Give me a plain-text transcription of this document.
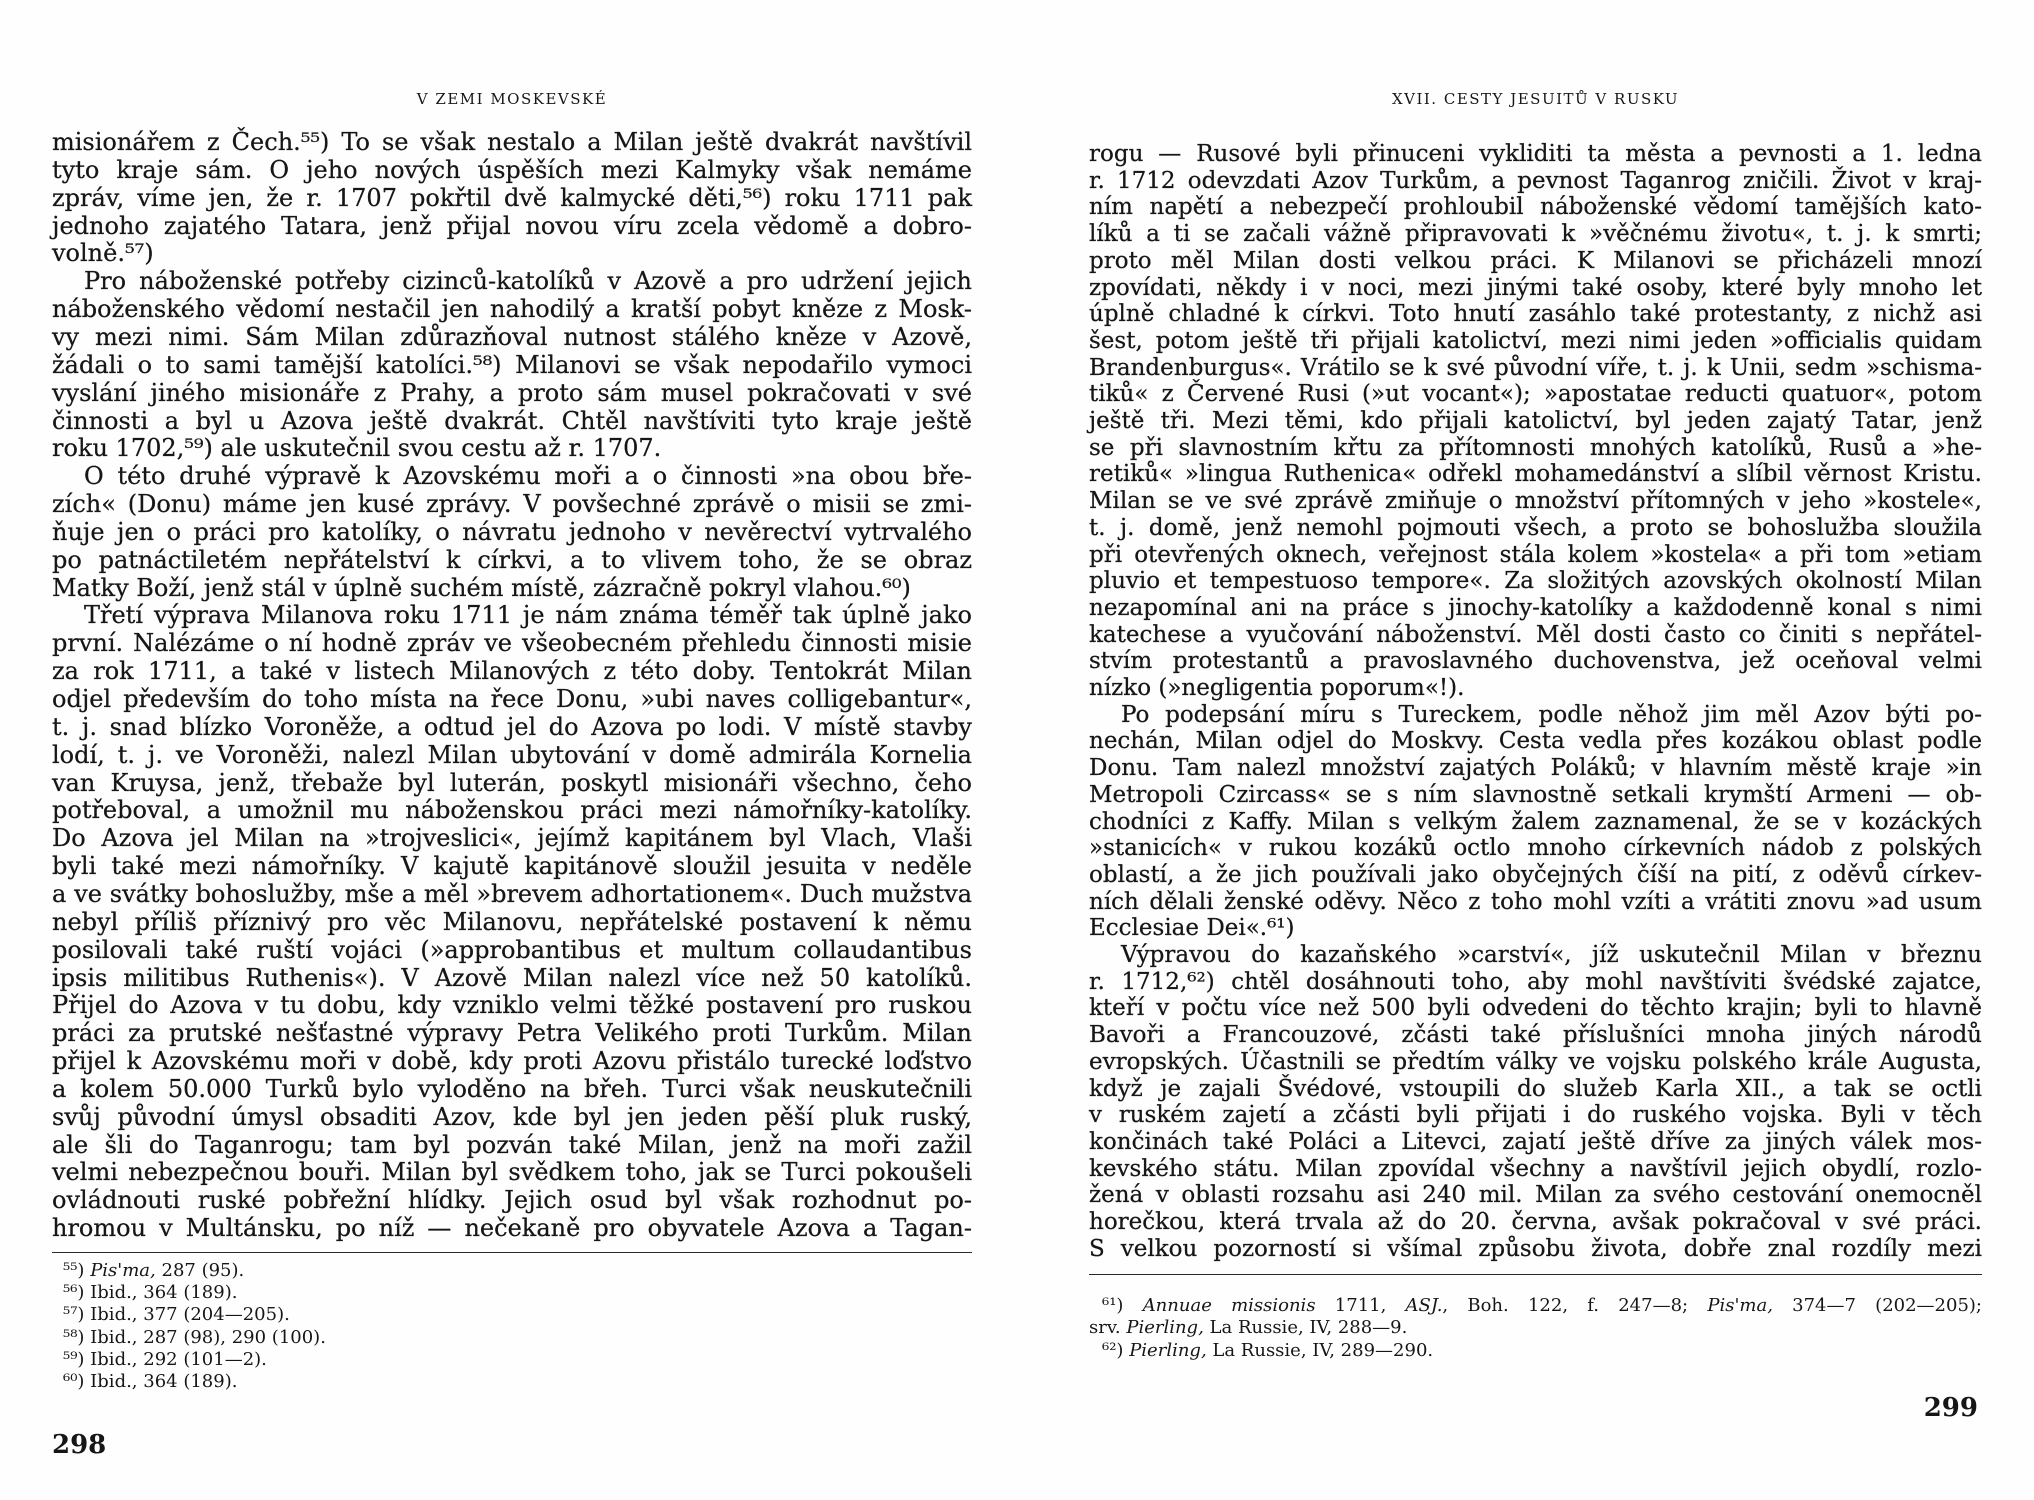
V ZEMI MOSKEVSKÉ
misionářem z Čech.⁵⁵) To se však nestalo a Milan ještě dvakrát navštívil
tyto kraje sám. O jeho nových úspěších mezi Kalmyky však nemáme
zpráv, víme jen, že r. 1707 pokřtil dvě kalmycké děti,⁵⁶) roku 1711 pak
jednoho zajatého Tatara, jenž přijal novou víru zcela vědomě a dobro-
volně.⁵⁷)
Pro náboženské potřeby cizinců-katolíků v Azově a pro udržení jejich
náboženského vědomí nestačil jen nahodilý a kratší pobyt kněze z Mosk-
vy mezi nimi. Sám Milan zdůrazňoval nutnost stálého kněze v Azově,
žádali o to sami tamější katolíci.⁵⁸) Milanovi se však nepodařilo vymoci
vyslání jiného misionáře z Prahy, a proto sám musel pokračovati v své
činnosti a byl u Azova ještě dvakrát. Chtěl navštíviti tyto kraje ještě
roku 1702,⁵⁹) ale uskutečnil svou cestu až r. 1707.
O této druhé výpravě k Azovskému moři a o činnosti »na obou bře-
zích« (Donu) máme jen kusé zprávy. V povšechné zprávě o misii se zmi-
ňuje jen o práci pro katolíky, o návratu jednoho v nevěrectví vytrvalého
po patnáctiletém nepřátelství k církvi, a to vlivem toho, že se obraz
Matky Boží, jenž stál v úplně suchém místě, zázračně pokryl vlahou.⁶⁰)
Třetí výprava Milanova roku 1711 je nám známa téměř tak úplně jako
první. Nalézáme o ní hodně zpráv ve všeobecném přehledu činnosti misie
za rok 1711, a také v listech Milanových z této doby. Tentokrát Milan
odjel především do toho místa na řece Donu, »ubi naves colligebantur«,
t. j. snad blízko Voroněže, a odtud jel do Azova po lodi. V místě stavby
lodí, t. j. ve Voroněži, nalezl Milan ubytování v domě admirála Kornelia
van Kruysa, jenž, třebaže byl luterán, poskytl misionáři všechno, čeho
potřeboval, a umožnil mu náboženskou práci mezi námořníky-katolíky.
Do Azova jel Milan na »trojveslici«, jejímž kapitánem byl Vlach, Vlaši
byli také mezi námořníky. V kajutě kapitánově sloužil jesuita v neděle
a ve svátky bohoslužby, mše a měl »brevem adhortationem«. Duch mužstva
nebyl příliš příznivý pro věc Milanovu, nepřátelské postavení k němu
posilovali také ruští vojáci (»approbantibus et multum collaudantibus
ipsis militibus Ruthenis«). V Azově Milan nalezl více než 50 katolíků.
Přijel do Azova v tu dobu, kdy vzniklo velmi těžké postavení pro ruskou
práci za prutské nešťastné výpravy Petra Velikého proti Turkům. Milan
přijel k Azovskému moři v době, kdy proti Azovu přistálo turecké loďstvo
a kolem 50.000 Turků bylo vyloděno na břeh. Turci však neuskutečnili
svůj původní úmysl obsaditi Azov, kde byl jen jeden pěší pluk ruský,
ale šli do Taganrogu; tam byl pozván také Milan, jenž na moři zažil
velmi nebezpečnou bouři. Milan byl svědkem toho, jak se Turci pokoušeli
ovládnouti ruské pobřežní hlídky. Jejich osud byl však rozhodnut po-
hromou v Multánsku, po níž — nečekaně pro obyvatele Azova a Tagan-
⁵⁵) Pis'ma, 287 (95).
⁵⁶) Ibid., 364 (189).
⁵⁷) Ibid., 377 (204—205).
⁵⁸) Ibid., 287 (98), 290 (100).
⁵⁹) Ibid., 292 (101—2).
⁶⁰) Ibid., 364 (189).
298
XVII. CESTY JESUITŮ V RUSKU
rogu — Rusové byli přinuceni vykliditi ta města a pevnosti a 1. ledna
r. 1712 odevzdati Azov Turkům, a pevnost Taganrog zničili. Život v kraj-
ním napětí a nebezpečí prohloubil náboženské vědomí tamějších kato-
líků a ti se začali vážně připravovati k »věčnému životu«, t. j. k smrti;
proto měl Milan dosti velkou práci. K Milanovi se přicházeli mnozí
zpovídati, někdy i v noci, mezi jinými také osoby, které byly mnoho let
úplně chladné k církvi. Toto hnutí zasáhlo také protestanty, z nichž asi
šest, potom ještě tři přijali katolictví, mezi nimi jeden »officialis quidam
Brandenburgus«. Vrátilo se k své původní víře, t. j. k Unii, sedm »schisma-
tiků« z Červené Rusi (»ut vocant«); »apostatae reducti quatuor«, potom
ještě tři. Mezi těmi, kdo přijali katolictví, byl jeden zajatý Tatar, jenž
se při slavnostním křtu za přítomnosti mnohých katolíků, Rusů a »he-
retiků« »lingua Ruthenica« odřekl mohamedánství a slíbil věrnost Kristu.
Milan se ve své zprávě zmiňuje o množství přítomných v jeho »kostele«,
t. j. domě, jenž nemohl pojmouti všech, a proto se bohoslužba sloužila
při otevřených oknech, veřejnost stála kolem »kostela« a při tom »etiam
pluvio et tempestuoso tempore«. Za složitých azovských okolností Milan
nezapomínal ani na práce s jinochy-katolíky a každodenně konal s nimi
katechese a vyučování náboženství. Měl dosti často co činiti s nepřátel-
stvím protestantů a pravoslavného duchovenstva, jež oceňoval velmi
nízko (»negligentia poporum«!).
Po podepsání míru s Tureckem, podle něhož jim měl Azov býti po-
nechán, Milan odjel do Moskvy. Cesta vedla přes kozákou oblast podle
Donu. Tam nalezl množství zajatých Poláků; v hlavním městě kraje »in
Metropoli Czircass« se s ním slavnostně setkali krymští Armeni — ob-
chodníci z Kaffy. Milan s velkým žalem zaznamenal, že se v kozáckých
»stanicích« v rukou kozáků octlo mnoho církevních nádob z polských
oblastí, a že jich používali jako obyčejných číší na pití, z oděvů církev-
ních dělali ženské oděvy. Něco z toho mohl vzíti a vrátiti znovu »ad usum
Ecclesiae Dei«.⁶¹)
Výpravou do kazaňského »carství«, jíž uskutečnil Milan v březnu
r. 1712,⁶²) chtěl dosáhnouti toho, aby mohl navštíviti švédské zajatce,
kteří v počtu více než 500 byli odvedeni do těchto krajin; byli to hlavně
Bavoři a Francouzové, zčásti také příslušníci mnoha jiných národů
evropských. Účastnili se předtím války ve vojsku polského krále Augusta,
když je zajali Švédové, vstoupili do služeb Karla XII., a tak se octli
v ruském zajetí a zčásti byli přijati i do ruského vojska. Byli v těch
končinách také Poláci a Litevci, zajatí ještě dříve za jiných válek mos-
kevského státu. Milan zpovídal všechny a navštívil jejich obydlí, rozlo-
žená v oblasti rozsahu asi 240 mil. Milan za svého cestování onemocněl
horečkou, která trvala až do 20. června, avšak pokračoval v své práci.
S velkou pozorností si všímal způsobu života, dobře znal rozdíly mezi
⁶¹) Annuae missionis 1711, ASJ., Boh. 122, f. 247—8; Pis'ma, 374—7 (202—205);
srv. Pierling, La Russie, IV, 288—9.
⁶²) Pierling, La Russie, IV, 289—290.
299
